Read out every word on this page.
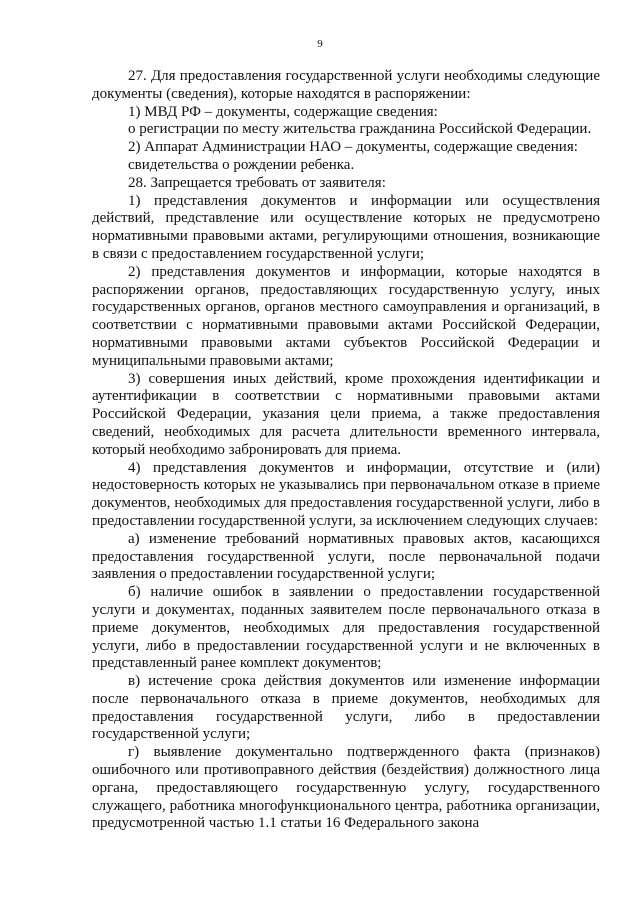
9

27. Для предоставления государственной услуги необходимы следующие документы (сведения), которые находятся в распоряжении:

1) МВД РФ – документы, содержащие сведения:

о регистрации по месту жительства гражданина Российской Федерации.

2) Аппарат Администрации НАО – документы, содержащие сведения:

свидетельства о рождении ребенка.

28. Запрещается требовать от заявителя:

1) представления документов и информации или осуществления действий, представление или осуществление которых не предусмотрено нормативными правовыми актами, регулирующими отношения, возникающие в связи с предоставлением государственной услуги;

2) представления документов и информации, которые находятся в распоряжении органов, предоставляющих государственную услугу, иных государственных органов, органов местного самоуправления и организаций, в соответствии с нормативными правовыми актами Российской Федерации, нормативными правовыми актами субъектов Российской Федерации и муниципальными правовыми актами;

3) совершения иных действий, кроме прохождения идентификации и аутентификации в соответствии с нормативными правовыми актами Российской Федерации, указания цели приема, а также предоставления сведений, необходимых для расчета длительности временного интервала, который необходимо забронировать для приема.

4) представления документов и информации, отсутствие и (или) недостоверность которых не указывались при первоначальном отказе в приеме документов, необходимых для предоставления государственной услуги, либо в предоставлении государственной услуги, за исключением следующих случаев:

а) изменение требований нормативных правовых актов, касающихся предоставления государственной услуги, после первоначальной подачи заявления о предоставлении государственной услуги;

б) наличие ошибок в заявлении о предоставлении государственной услуги и документах, поданных заявителем после первоначального отказа в приеме документов, необходимых для предоставления государственной услуги, либо в предоставлении государственной услуги и не включенных в представленный ранее комплект документов;

в) истечение срока действия документов или изменение информации после первоначального отказа в приеме документов, необходимых для предоставления государственной услуги, либо в предоставлении государственной услуги;

г) выявление документально подтвержденного факта (признаков) ошибочного или противоправного действия (бездействия) должностного лица органа, предоставляющего государственную услугу, государственного служащего, работника многофункционального центра, работника организации, предусмотренной частью 1.1 статьи 16 Федерального закона
